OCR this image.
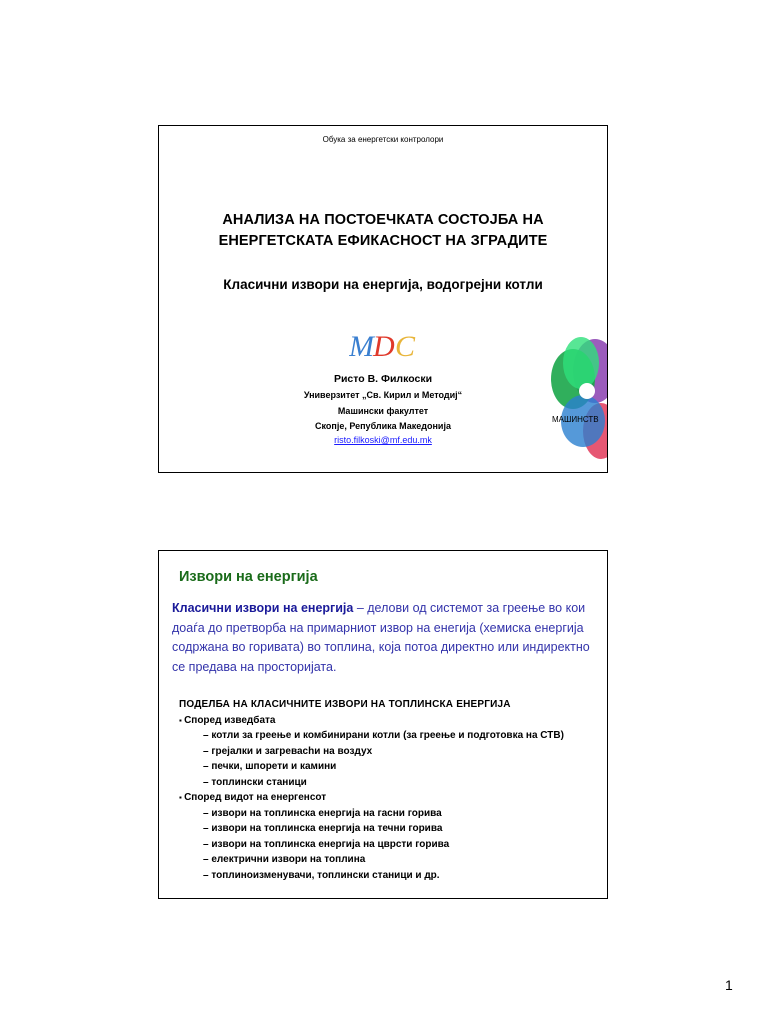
Обука за енергетски контролори
АНАЛИЗА НА ПОСТОЕЧКАТА СОСТОЈБА НА
ЕНЕРГЕТСКАТА ЕФИКАСНОСТ НА ЗГРАДИТЕ
Класични извори на енергија, водогрејни котли
M D C
Ристо В. Филкоски
Универзитет „Св. Кирил и Методиј“
Машински факултет
Скопје, Република Македонија
risto.filkoski@mf.edu.mk
МАШИНСТВ
Извори на енергија
Класични извори на енергија – делови од системот за греење во кои доаѓа до претворба на примарниот извор на енегија (хемиска енергија содржана во горивата) во топлина, која потоа директно или индиректно се предава на просториjата.
ПОДЕЛБА НА КЛАСИЧНИТЕ ИЗВОРИ НА ТОПЛИНСКА ЕНЕРГИЈА
▪ Според изведбата
– котли за греење и комбинирани котли (за греење и подготовка на СТВ)
– грејалки и загреваchи на воздух
– печки, шпорети и камини
– топлински станици
▪ Според видот на енергенсот
– извори на топлинска енергија на гасни горива
– извори на топлинска енергија на течни горива
– извори на топлинска енергија на цврсти горива
– електрични извори на топлина
– топлиноизменувачи, топлински станици и др.
1
